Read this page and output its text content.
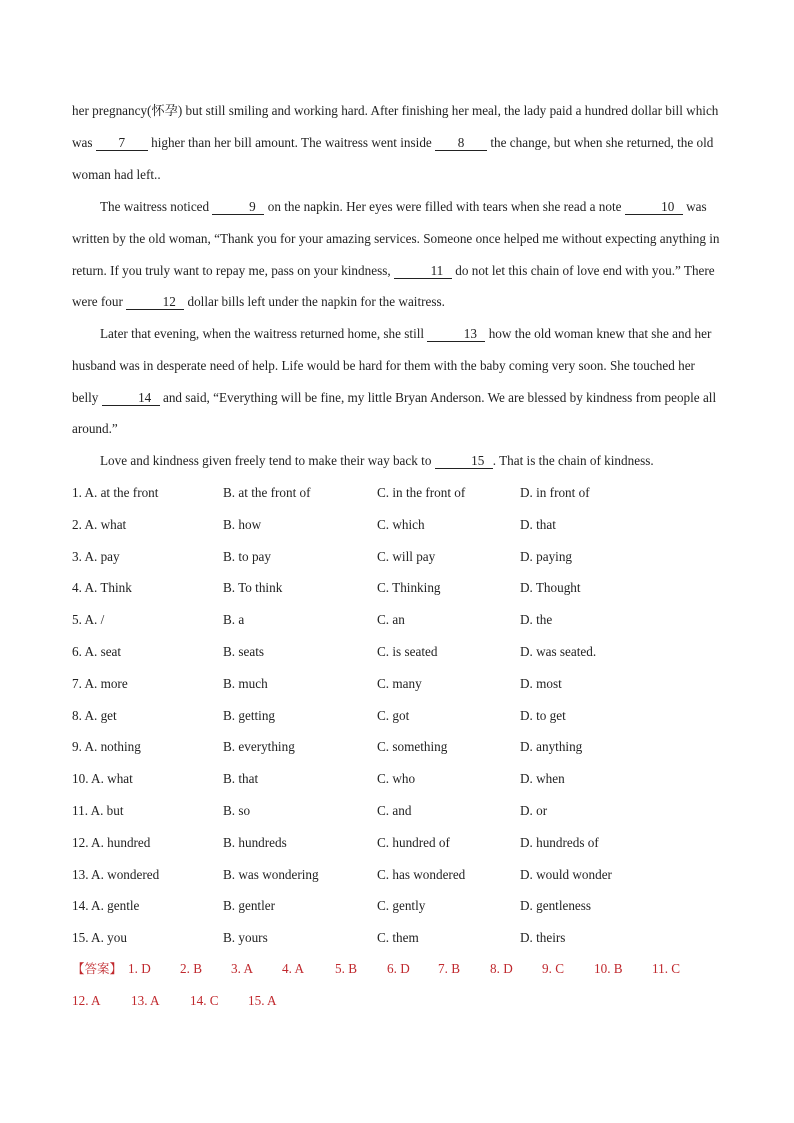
her pregnancy(怀孕) but still smiling and working hard. After finishing her meal, the lady paid a hundred dollar bill which was 7 higher than her bill amount. The waitress went inside 8 the change, but when she returned, the old woman had left..

The waitress noticed	9 on the napkin. Her eyes were filled with tears when she read a note	10 was written by the old woman, “Thank you for your amazing services. Someone once helped me without expecting anything in return. If you truly want to repay me, pass on your kindness,	11 do not let this chain of love end with you.” There were four	12 dollar bills left under the napkin for the waitress.

Later that evening, when the waitress returned home, she still	13 how the old woman knew that she and her husband was in desperate need of help. Life would be hard for them with the baby coming very soon. She touched her belly	14 and said, “Everything will be fine, my little Bryan Anderson. We are blessed by kindness from people all around.”

Love and kindness given freely tend to make their way back to	15 . That is the chain of kindness.

1. A. at the front	B. at the front of	C. in the front of	D. in front of
2. A. what	B. how	C. which	D. that
3. A. pay	B. to pay	C. will pay	D. paying
4. A. Think	B. To think	C. Thinking	D. Thought
5. A. /	B. a	C. an	D. the
6. A. seat	B. seats	C. is seated	D. was seated.
7. A. more	B. much	C. many	D. most
8. A. get	B. getting	C. got	D. to get
9. A. nothing	B. everything	C. something	D. anything
10. A. what	B. that	C. who	D. when
11. A. but	B. so	C. and	D. or
12. A. hundred	B. hundreds	C. hundred of	D. hundreds of
13. A. wondered	B. was wondering	C. has wondered	D. would wonder
14. A. gentle	B. gentler	C. gently	D. gentleness
15. A. you	B. yours	C. them	D. theirs
【答案】 1. D 2. B 3. A 4. A 5. B 6. D 7. B 8. D 9. C 10. B 11. C
12. A 13. A 14. C 15. A
